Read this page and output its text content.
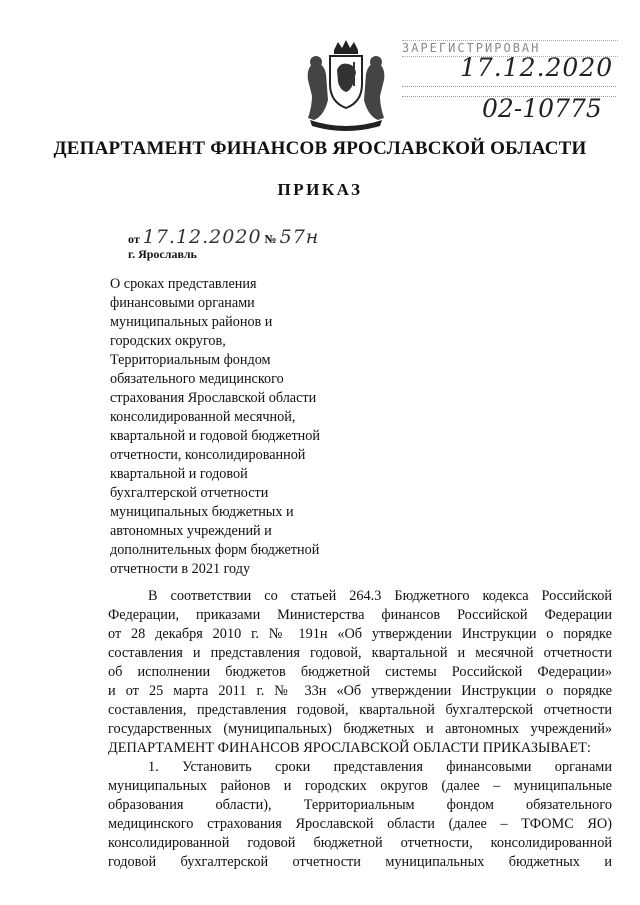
ЗАРЕГИСТРИРОВАН
17.12.2020
02-10775
ДЕПАРТАМЕНТ ФИНАНСОВ ЯРОСЛАВСКОЙ ОБЛАСТИ
ПРИКАЗ
от 17.12.2020 № 57н
г. Ярославль
О сроках представления
финансовыми органами
муниципальных районов и
городских округов,
Территориальным фондом
обязательного медицинского
страхования Ярославской области
консолидированной месячной,
квартальной и годовой бюджетной
отчетности, консолидированной
квартальной и годовой
бухгалтерской отчетности
муниципальных бюджетных и
автономных учреждений и
дополнительных форм бюджетной
отчетности в 2021 году
В соответствии со статьей 264.3 Бюджетного кодекса Российской
Федерации, приказами Министерства финансов Российской Федерации
от 28 декабря 2010 г. № 191н «Об утверждении Инструкции о порядке
составления и представления годовой, квартальной и месячной отчетности
об исполнении бюджетов бюджетной системы Российской Федерации»
и от 25 марта 2011 г. № 33н «Об утверждении Инструкции о порядке
составления, представления годовой, квартальной бухгалтерской отчетности
государственных (муниципальных) бюджетных и автономных учреждений»
ДЕПАРТАМЕНТ ФИНАНСОВ ЯРОСЛАВСКОЙ ОБЛАСТИ ПРИКАЗЫВАЕТ:
1. Установить сроки представления финансовыми органами
муниципальных районов и городских округов (далее – муниципальные
образования области), Территориальным фондом обязательного
медицинского страхования Ярославской области (далее – ТФОМС ЯО)
консолидированной годовой бюджетной отчетности, консолидированной
годовой бухгалтерской отчетности муниципальных бюджетных и
